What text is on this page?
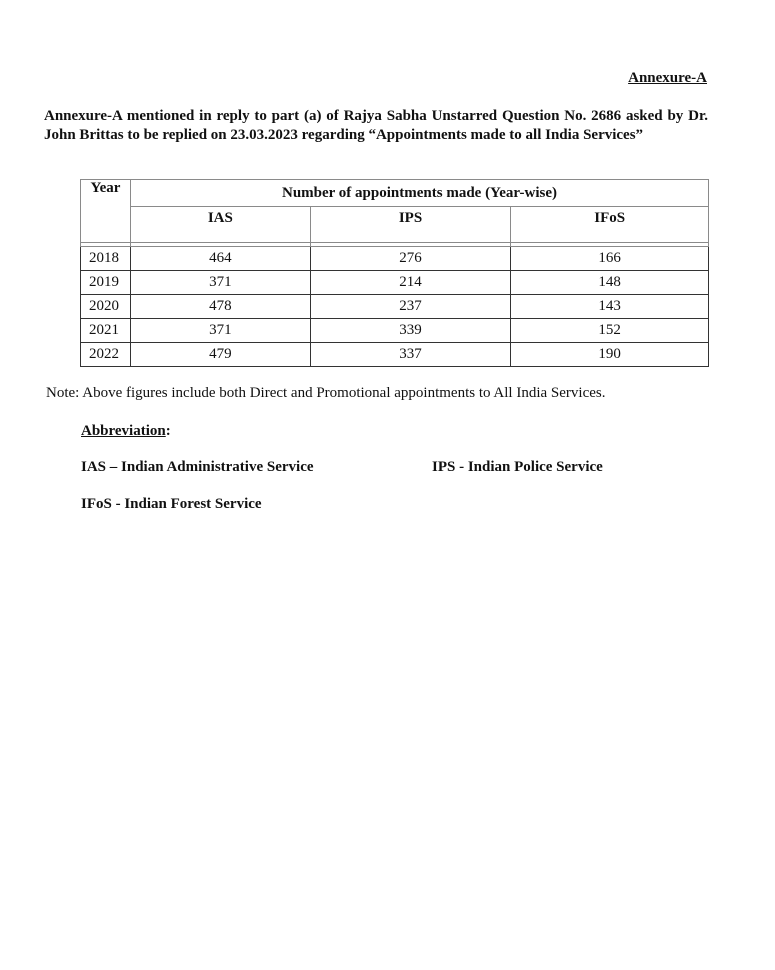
Annexure-A

Annexure-A mentioned in reply to part (a) of Rajya Sabha Unstarred Question No. 2686 asked by Dr. John Brittas to be replied on 23.03.2023 regarding “Appointments made to all India Services”

Year	Number of appointments made (Year-wise)		
	IAS	IPS	IFoS

2018	464	276	166
2019	371	214	148
2020	478	237	143
2021	371	339	152
2022	479	337	190

Note: Above figures include both Direct and Promotional appointments to All India Services.

Abbreviation:

IAS – Indian Administrative Service	IPS - Indian Police Service

IFoS - Indian Forest Service
